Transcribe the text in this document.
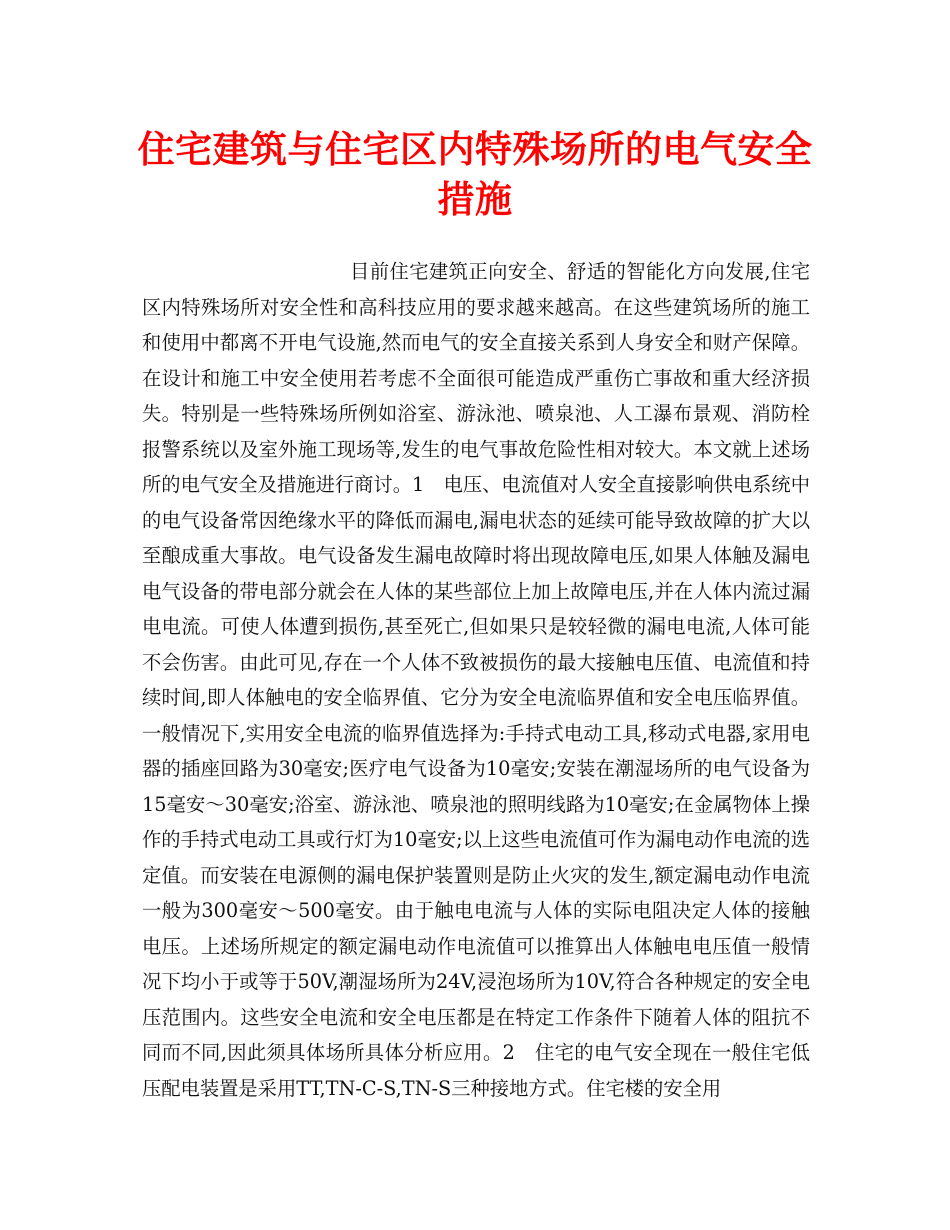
住宅建筑与住宅区内特殊场所的电气安全措施

目前住宅建筑正向安全、舒适的智能化方向发展,住宅区内特殊场所对安全性和高科技应用的要求越来越高。在这些建筑场所的施工和使用中都离不开电气设施,然而电气的安全直接关系到人身安全和财产保障。在设计和施工中安全使用若考虑不全面很可能造成严重伤亡事故和重大经济损失。特别是一些特殊场所例如浴室、游泳池、喷泉池、人工瀑布景观、消防栓报警系统以及室外施工现场等,发生的电气事故危险性相对较大。本文就上述场所的电气安全及措施进行商讨。1　电压、电流值对人安全直接影响供电系统中的电气设备常因绝缘水平的降低而漏电,漏电状态的延续可能导致故障的扩大以至酿成重大事故。电气设备发生漏电故障时将出现故障电压,如果人体触及漏电电气设备的带电部分就会在人体的某些部位上加上故障电压,并在人体内流过漏电电流。可使人体遭到损伤,甚至死亡,但如果只是较轻微的漏电电流,人体可能不会伤害。由此可见,存在一个人体不致被损伤的最大接触电压值、电流值和持续时间,即人体触电的安全临界值、它分为安全电流临界值和安全电压临界值。一般情况下,实用安全电流的临界值选择为:手持式电动工具,移动式电器,家用电器的插座回路为30毫安;医疗电气设备为10毫安;安装在潮湿场所的电气设备为15毫安～30毫安;浴室、游泳池、喷泉池的照明线路为10毫安;在金属物体上操作的手持式电动工具或行灯为10毫安;以上这些电流值可作为漏电动作电流的选定值。而安装在电源侧的漏电保护装置则是防止火灾的发生,额定漏电动作电流一般为300毫安～500毫安。由于触电电流与人体的实际电阻决定人体的接触电压。上述场所规定的额定漏电动作电流值可以推算出人体触电电压值一般情况下均小于或等于50V,潮湿场所为24V,浸泡场所为10V,符合各种规定的安全电压范围内。这些安全电流和安全电压都是在特定工作条件下随着人体的阻抗不同而不同,因此须具体场所具体分析应用。2　住宅的电气安全现在一般住宅低压配电装置是采用TT,TN-C-S,TN-S三种接地方式。住宅楼的安全用
